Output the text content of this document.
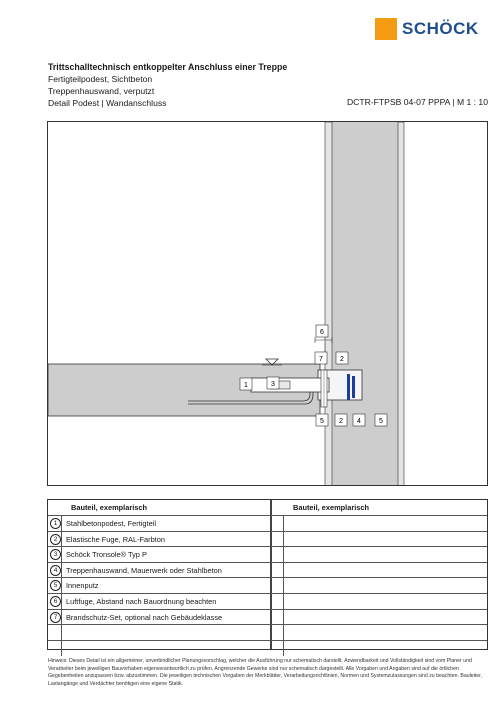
SCHÖCK
Trittschalltechnisch entkoppelter Anschluss einer Treppe
Fertigteilpodest, Sichtbeton
Treppenhauswand, verputzt
Detail Podest | Wandanschluss	DCTR-FTPSB 04-07 PPPA | M 1 : 10
1	3
6
7 2
5 2 4	5
Bauteil, exemplarisch
1	Stahlbetonpodest, Fertigteil
2	Elastische Fuge, RAL-Farbton
3	Schöck Tronsole® Typ P
4	Treppenhauswand, Mauerwerk oder Stahlbeton
5	Innenputz
6	Luftfuge, Abstand nach Bauordnung beachten
7	Brandschutz-Set, optional nach Gebäudeklasse
Bauteil, exemplarisch
Hinweis: Dieses Detail ist ein allgemeiner, unverbindlicher Planungsvorschlag, welcher die Ausführung nur schematisch darstellt. Anwendbarkeit und Vollständigkeit sind vom Planer und Verarbeiter beim jeweiligen Bauvorhaben eigenverantwortlich zu prüfen. Angrenzende Gewerke sind nur schematisch dargestellt. Alle Vorgaben und Angaben sind auf die örtlichen Gegebenheiten anzupassen bzw. abzustimmen. Die jeweiligen technischen Vorgaben der Merkblätter, Verarbeitungsrichtlinien, Normen und Systemzulassungen sind zu beachten. Bauleiter, Lastangänge und Verdächter benötigen eine eigene Statik.
